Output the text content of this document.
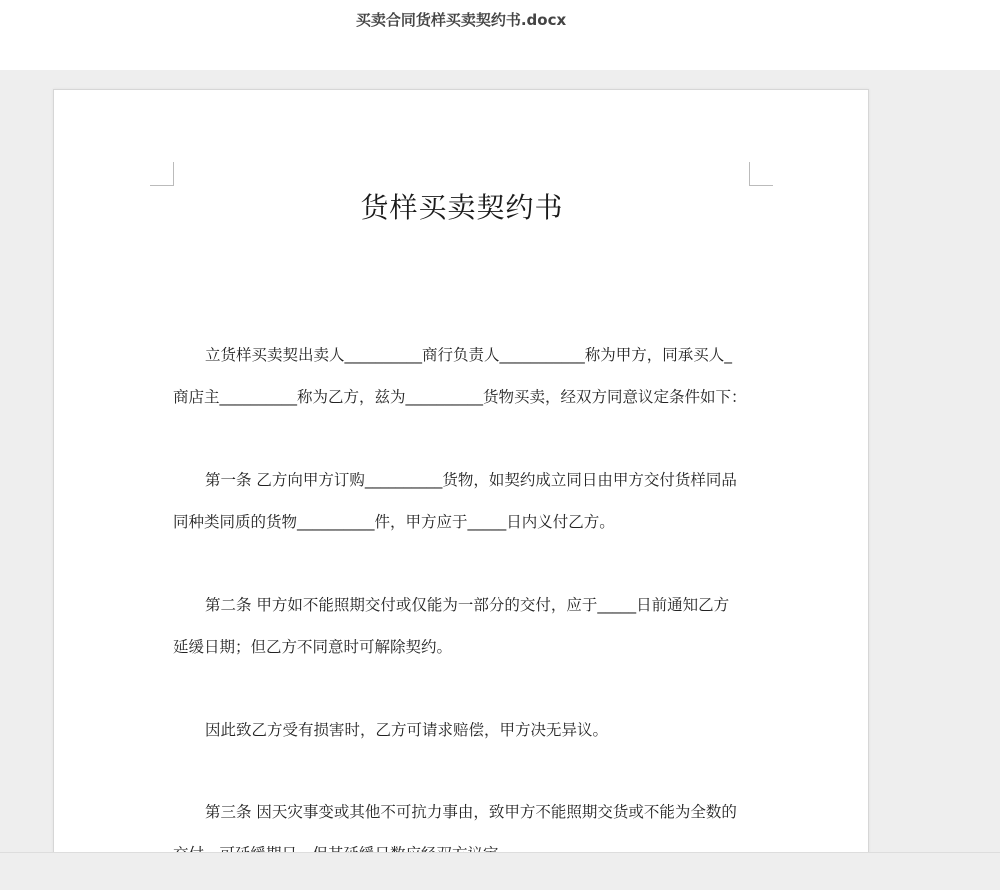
买卖合同货样买卖契约书.docx
货样买卖契约书
立货样买卖契出卖人__________商行负责人___________称为甲方，同承买人_
商店主__________称为乙方，兹为__________货物买卖，经双方同意议定条件如下：
第一条 乙方向甲方订购__________货物，如契约成立同日由甲方交付货样同品
同种类同质的货物__________件，甲方应于_____日内义付乙方。
第二条 甲方如不能照期交付或仅能为一部分的交付，应于_____日前通知乙方
延缓日期；但乙方不同意时可解除契约。
因此致乙方受有损害时，乙方可请求赔偿，甲方决无异议。
第三条 因天灾事变或其他不可抗力事由，致甲方不能照期交货或不能为全数的
